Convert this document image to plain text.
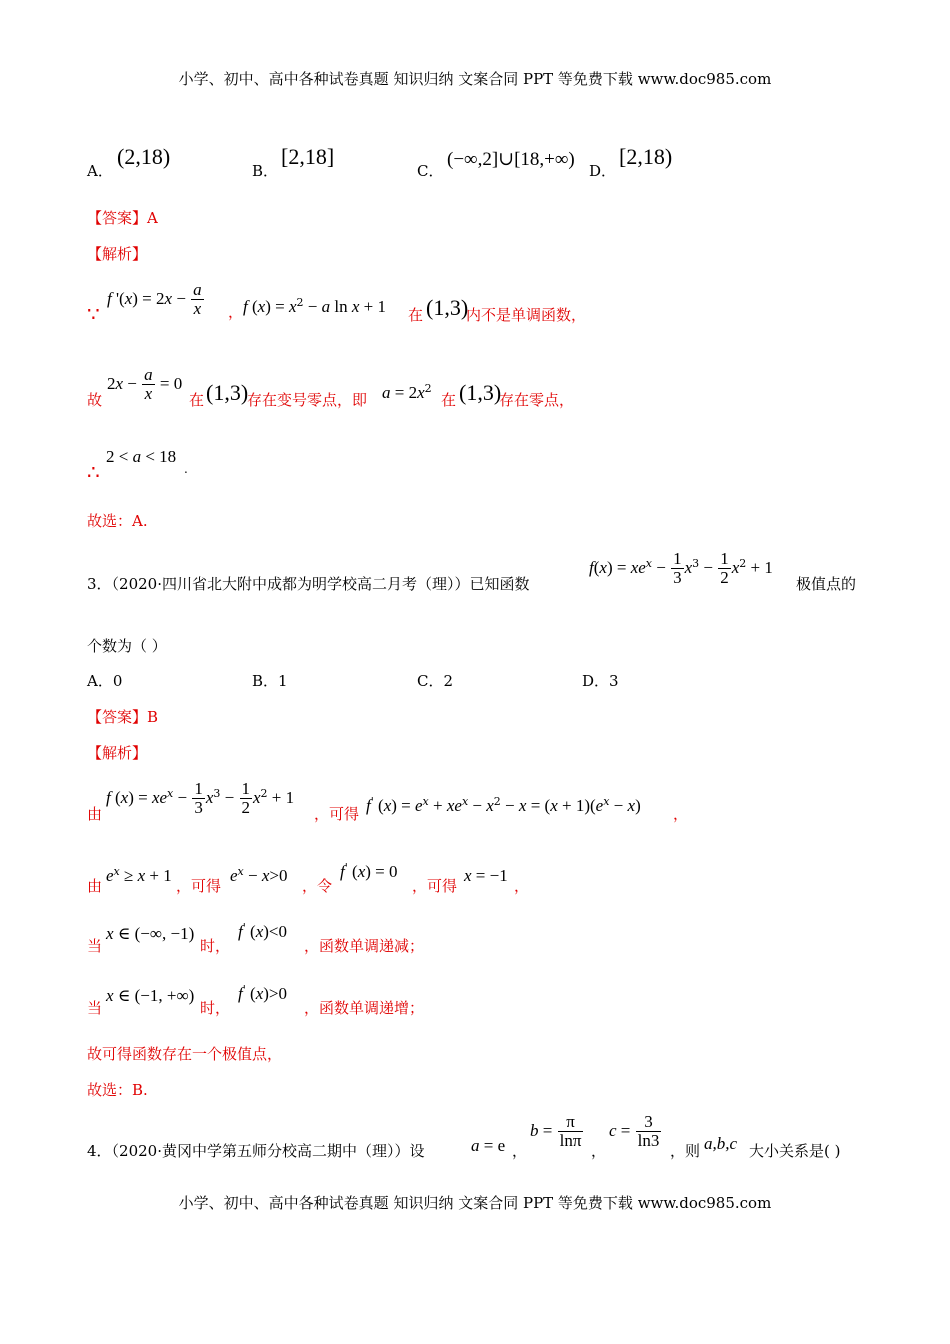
小学、初中、高中各种试卷真题 知识归纳 文案合同 PPT 等免费下载 www.doc985.com
A．
(2,18)
B．
[2,18]
C．
(−∞,2]∪[18,+∞)
D．
[2,18)
【答案】A
【解析】
∵
f '$(x) = 2x - \frac{a}{x}$ ， f $(x) = x^2 - a$ ln x + 1 在 (1,3)
内不是单调函数，
故
$2x - \frac{a}{x} = 0$
在 (1,3)
存在变号零点，即 $a = 2x^2$
在 (1,3)
存在零点，
∴
2 < a < 18
.
故选：A.
3．（2020·四川省北大附中成都为明学校高二月考（理））已知函数
$f(x) = xe^x - \frac{1}{3} x^3 - \frac{1}{2} x^2 + 1$
极值点的
个数为（ ）
A．0	B．1	C．2	D．3
【答案】B
【解析】
由
f $(x) = xe^x - \frac{1}{3} x^3 - \frac{1}{2} x^2 + 1$
，可得 f' $(x) = e^x + xe^x - x^2 - x = (x + 1)(e^x - x)$ ，
由
$e^x \ge x + 1$
，可得
$e^x - x>0$
，令
f' (x) = 0
，可得
x = −1
，
当
x ∈ (−∞, −1)
时，
f' (x)<0
，函数单调递减；
当
x ∈ (−1, +∞)
时，
f' (x)>0
，函数单调递增；
故可得函数存在一个极值点，
故选：B.
4．（2020·黄冈中学第五师分校高二期中（理））设	a = e ，
$b = \frac{\pi}{\ln\pi}$
，
$c = \frac{3}{\ln 3}$
，则 a,b,c 大小关系是( )
小学、初中、高中各种试卷真题 知识归纳 文案合同 PPT 等免费下载 www.doc985.com
